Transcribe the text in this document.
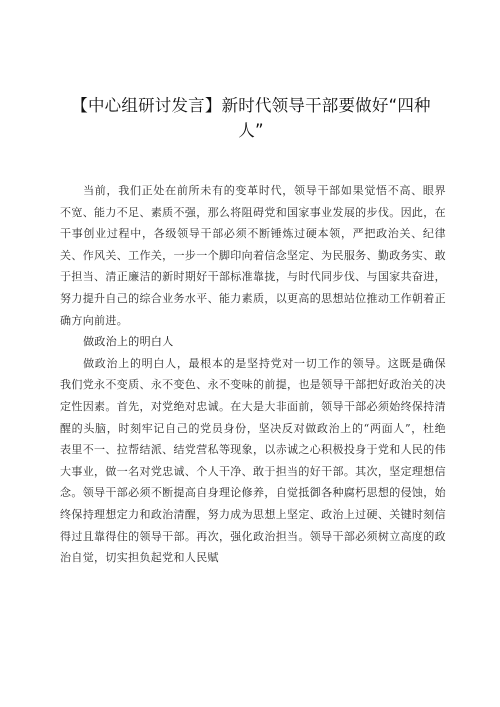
【中心组研讨发言】新时代领导干部要做好“四种人”

当前，我们正处在前所未有的变革时代，领导干部如果觉悟不高、眼界不宽、能力不足、素质不强，那么将阻碍党和国家事业发展的步伐。因此，在干事创业过程中，各级领导干部必须不断锤炼过硬本领，严把政治关、纪律关、作风关、工作关，一步一个脚印向着信念坚定、为民服务、勤政务实、敢于担当、清正廉洁的新时期好干部标准靠拢，与时代同步伐、与国家共奋进，努力提升自己的综合业务水平、能力素质，以更高的思想站位推动工作朝着正确方向前进。

做政治上的明白人

做政治上的明白人，最根本的是坚持党对一切工作的领导。这既是确保我们党永不变质、永不变色、永不变味的前提，也是领导干部把好政治关的决定性因素。首先，对党绝对忠诚。在大是大非面前，领导干部必须始终保持清醒的头脑，时刻牢记自己的党员身份，坚决反对做政治上的“两面人”，杜绝表里不一、拉帮结派、结党营私等现象，以赤诚之心积极投身于党和人民的伟大事业，做一名对党忠诚、个人干净、敢于担当的好干部。其次，坚定理想信念。领导干部必须不断提高自身理论修养，自觉抵御各种腐朽思想的侵蚀，始终保持理想定力和政治清醒，努力成为思想上坚定、政治上过硬、关键时刻信得过且靠得住的领导干部。再次，强化政治担当。领导干部必须树立高度的政治自觉，切实担负起党和人民赋
